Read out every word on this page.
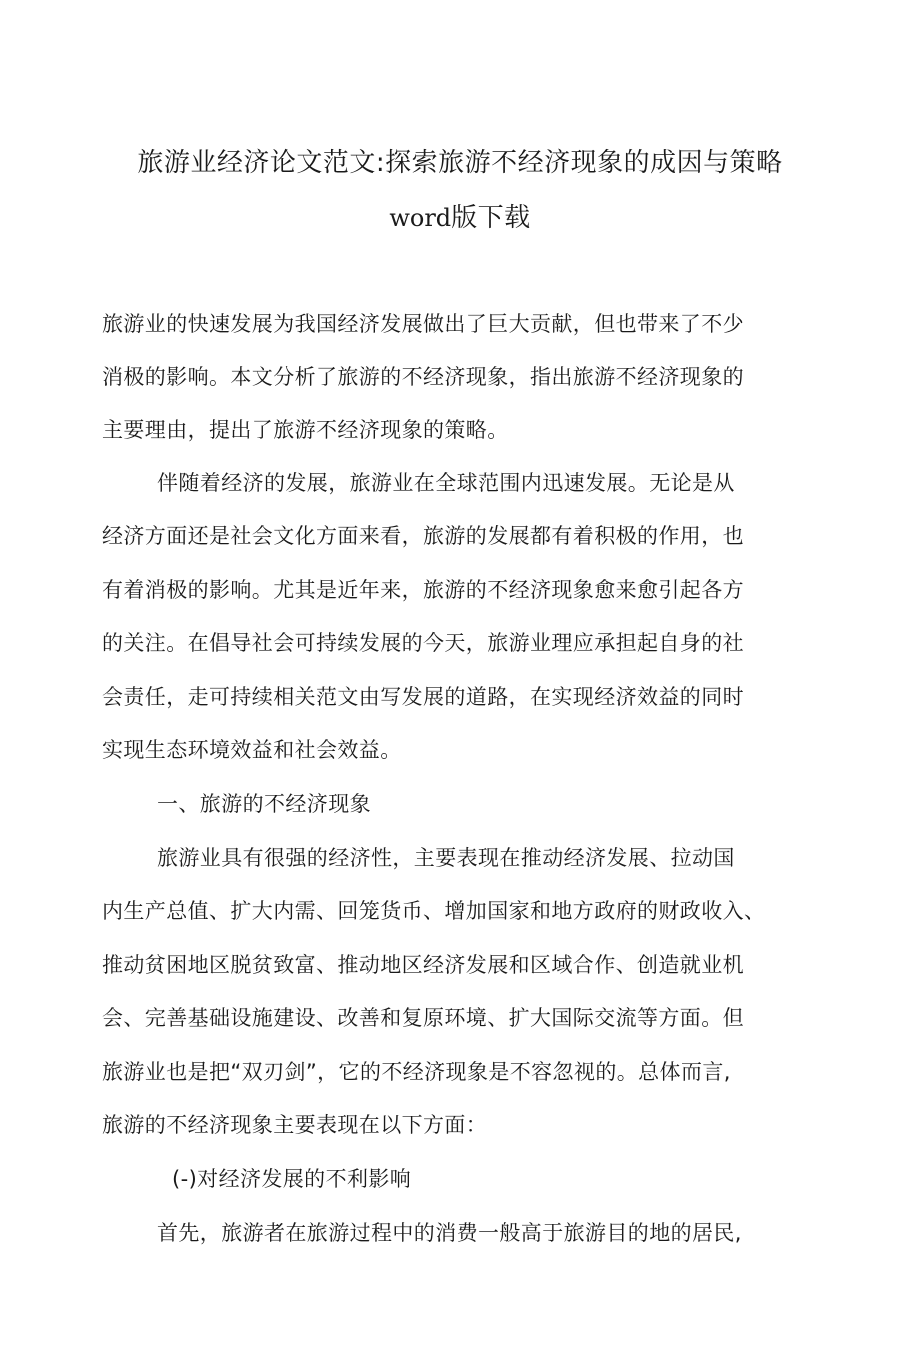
旅游业经济论文范文:探索旅游不经济现象的成因与策略
word版下载
旅游业的快速发展为我国经济发展做出了巨大贡献，但也带来了不少
消极的影响。本文分析了旅游的不经济现象，指出旅游不经济现象的
主要理由，提出了旅游不经济现象的策略。
伴随着经济的发展，旅游业在全球范围内迅速发展。无论是从
经济方面还是社会文化方面来看，旅游的发展都有着积极的作用，也
有着消极的影响。尤其是近年来，旅游的不经济现象愈来愈引起各方
的关注。在倡导社会可持续发展的今天，旅游业理应承担起自身的社
会责任，走可持续相关范文由写发展的道路，在实现经济效益的同时
实现生态环境效益和社会效益。
一、旅游的不经济现象
旅游业具有很强的经济性，主要表现在推动经济发展、拉动国
内生产总值、扩大内需、回笼货币、增加国家和地方政府的财政收入、
推动贫困地区脱贫致富、推动地区经济发展和区域合作、创造就业机
会、完善基础设施建设、改善和复原环境、扩大国际交流等方面。但
旅游业也是把“双刃剑”，它的不经济现象是不容忽视的。总体而言,
旅游的不经济现象主要表现在以下方面：
(-)对经济发展的不利影响
首先，旅游者在旅游过程中的消费一般高于旅游目的地的居民,
